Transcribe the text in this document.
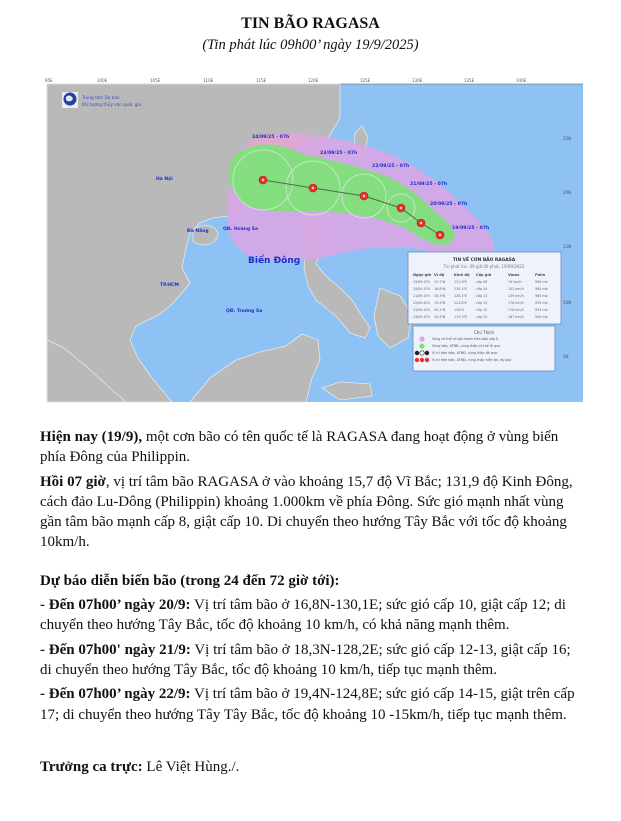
TIN BÃO RAGASA
(Tin phát lúc 09h00’ ngày 19/9/2025)
95E	100E	105E	110E	115E	120E	125E	130E	135E	140E
25N
20N
15N
10N
5N
24/09/25 - 07h
23/09/25 - 07h
22/09/25 - 07h
21/09/25 - 07h
20/09/25 - 07h
19/09/25 - 07h
Trung tâm Dự báo
Khí tượng thủy văn quốc gia
Hà Nội
Đà Nẵng	QĐ. Hoàng Sa
TP.HCM
QĐ. Trường Sa
Biển Đông	TIN VỀ CƠN BÃO RAGASA
Tin phát lúc: 09 giờ 00 phút, 19/09/2025
Ngày-giờ Vĩ độ	Kinh độ Cấp gió	Vmax	Pmin
19/09-07h 15.7ºN	131.9ºE	cấp 08	74 km/h	990 mb
20/09-07h 16.8ºN	130.1ºE	cấp 10	102 km/h	980 mb
21/09-07h 18.3ºN	128.2ºE	cấp 13	139 km/h	965 mb
22/09-07h 19.4ºN	124.8ºE	cấp 15	176 km/h	935 mb
23/09-07h 20.1ºN	120ºE	cấp 15	176 km/h	935 mb
24/09-07h 20.9ºN	115.3ºE	cấp 15	167 km/h	940 mb
Chú Thích
Vùng có thể có gió mạnh trên bão cấp 8
Vùng bão, ATNĐ, vùng thấp có thể đi qua
Vị trí tâm bão, ATNĐ, vùng thấp đã qua
Vị trí tâm bão, ATNĐ, vùng thấp hiện tại, dự báo

Hiện nay (19/9), một cơn bão có tên quốc tế là RAGASA đang hoạt động ở vùng biển phía Đông của Philippin.

Hồi 07 giờ, vị trí tâm bão RAGASA ở vào khoảng 15,7 độ Vĩ Bắc; 131,9 độ Kinh Đông, cách đảo Lu-Dông (Philippin) khoảng 1.000km về phía Đông. Sức gió mạnh nhất vùng gần tâm bão mạnh cấp 8, giật cấp 10. Di chuyển theo hướng Tây Bắc với tốc độ khoảng 10km/h.

Dự báo diễn biến bão (trong 24 đến 72 giờ tới):

- Đến 07h00’ ngày 20/9: Vị trí tâm bão ở 16,8N-130,1E; sức gió cấp 10, giật cấp 12; di chuyển theo hướng Tây Bắc, tốc độ khoảng 10 km/h, có khả năng mạnh thêm.

- Đến 07h00' ngày 21/9: Vị trí tâm bão ở 18,3N-128,2E; sức gió cấp 12-13, giật cấp 16; di chuyển theo hướng Tây Bắc, tốc độ khoảng 10 km/h, tiếp tục mạnh thêm.

- Đến 07h00’ ngày 22/9: Vị trí tâm bão ở 19,4N-124,8E; sức gió cấp 14-15, giật trên cấp 17; di chuyển theo hướng Tây Tây Bắc, tốc độ khoảng 10 -15km/h, tiếp tục mạnh thêm.

Trưởng ca trực: Lê Việt Hùng./.
